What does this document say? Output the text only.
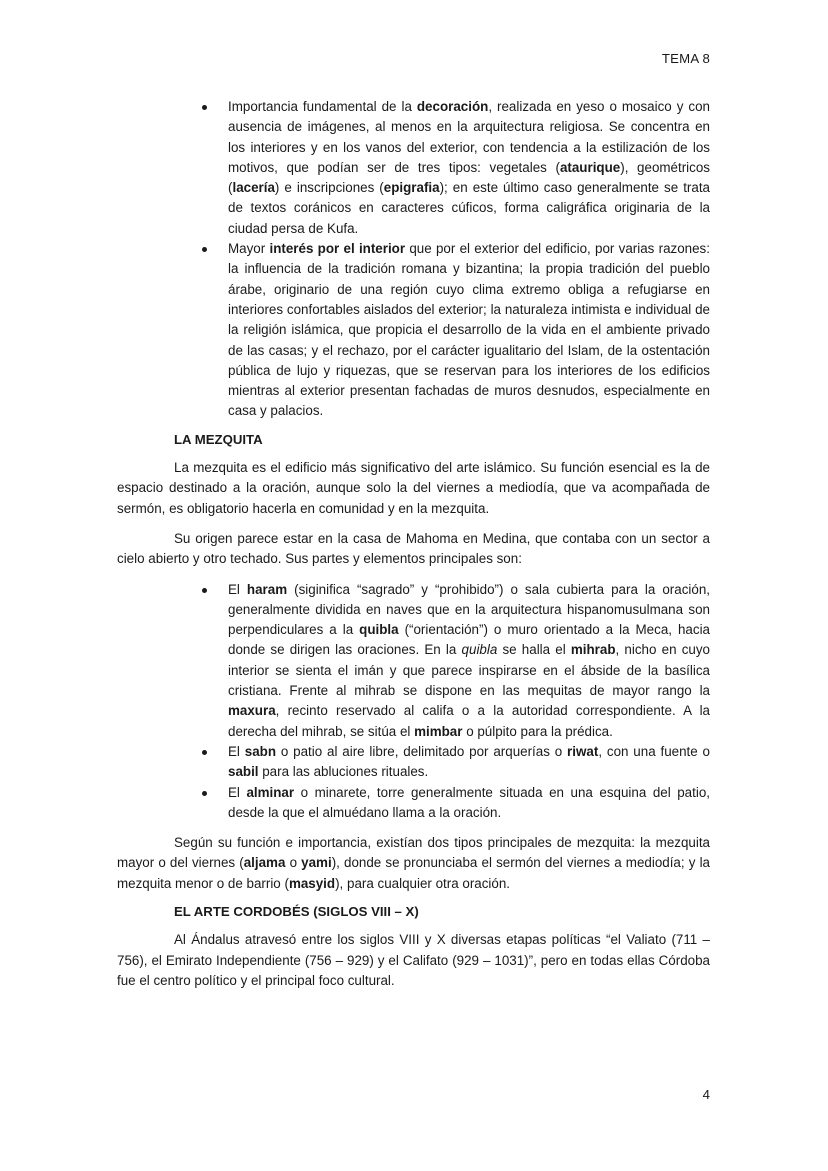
TEMA 8
Importancia fundamental de la decoración, realizada en yeso o mosaico y con ausencia de imágenes, al menos en la arquitectura religiosa. Se concentra en los interiores y en los vanos del exterior, con tendencia a la estilización de los motivos, que podían ser de tres tipos: vegetales (ataurique), geométricos (lacería) e inscripciones (epigrafia); en este último caso generalmente se trata de textos coránicos en caracteres cúficos, forma caligráfica originaria de la ciudad persa de Kufa.
Mayor interés por el interior que por el exterior del edificio, por varias razones: la influencia de la tradición romana y bizantina; la propia tradición del pueblo árabe, originario de una región cuyo clima extremo obliga a refugiarse en interiores confortables aislados del exterior; la naturaleza intimista e individual de la religión islámica, que propicia el desarrollo de la vida en el ambiente privado de las casas; y el rechazo, por el carácter igualitario del Islam, de la ostentación pública de lujo y riquezas, que se reservan para los interiores de los edificios mientras al exterior presentan fachadas de muros desnudos, especialmente en casa y palacios.
LA MEZQUITA

La mezquita es el edificio más significativo del arte islámico. Su función esencial es la de espacio destinado a la oración, aunque solo la del viernes a mediodía, que va acompañada de sermón, es obligatorio hacerla en comunidad y en la mezquita.

Su origen parece estar en la casa de Mahoma en Medina, que contaba con un sector a cielo abierto y otro techado. Sus partes y elementos principales son:

El haram (siginifica “sagrado” y “prohibido”) o sala cubierta para la oración, generalmente dividida en naves que en la arquitectura hispanomusulmana son perpendiculares a la quibla (“orientación”) o muro orientado a la Meca, hacia donde se dirigen las oraciones. En la quibla se halla el mihrab, nicho en cuyo interior se sienta el imán y que parece inspirarse en el ábside de la basílica cristiana. Frente al mihrab se dispone en las mequitas de mayor rango la maxura, recinto reservado al califa o a la autoridad correspondiente. A la derecha del mihrab, se sitúa el mimbar o púlpito para la prédica.
El sabn o patio al aire libre, delimitado por arquerías o riwat, con una fuente o sabil para las abluciones rituales.
El alminar o minarete, torre generalmente situada en una esquina del patio, desde la que el almuédano llama a la oración.

Según su función e importancia, existían dos tipos principales de mezquita: la mezquita mayor o del viernes (aljama o yami), donde se pronunciaba el sermón del viernes a mediodía; y la mezquita menor o de barrio (masyid), para cualquier otra oración.

EL ARTE CORDOBÉS (SIGLOS VIII – X)

Al Ándalus atravesó entre los siglos VIII y X diversas etapas políticas “el Valiato (711 – 756), el Emirato Independiente (756 – 929) y el Califato (929 – 1031)”, pero en todas ellas Córdoba fue el centro político y el principal foco cultural.

4
